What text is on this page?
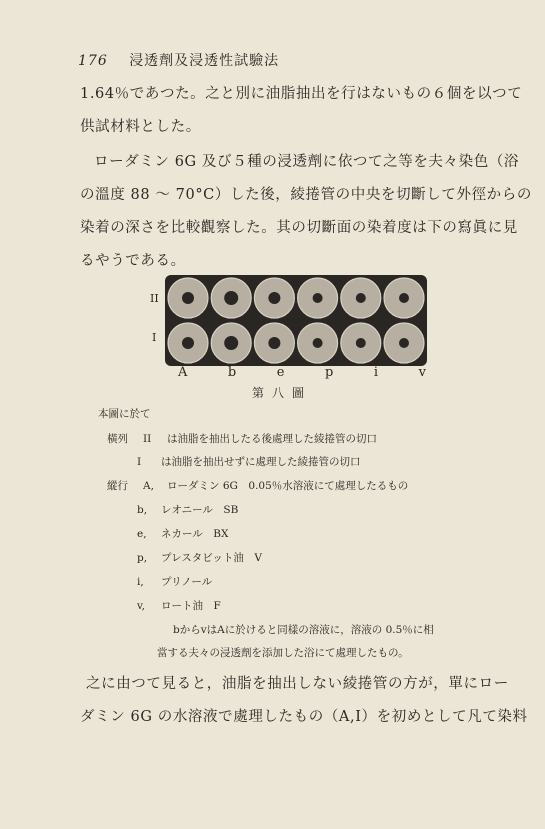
176 浸透劑及浸透性試驗法
1.64％であつた。之と別に油脂抽出を行はないもの６個を以つて
供試材料とした。
ローダミン 6G 及び５種の浸透劑に依つて之等を夫々染色（浴
の溫度 88 ～ 70°C）した後，綾捲管の中央を切斷して外徑からの
染着の深さを比較觀察した。其の切斷面の染着度は下の寫眞に見
るやうである。
II
I
A	b	e	p	i	v
第八圖
本圖に於て
橫列 II は油脂を抽出したる後處理した綾捲管の切口
I は油脂を抽出せずに處理した綾捲管の切口
縱行 A, ローダミン 6G　0.05％水溶液にて處理したるもの
b, レオニール　SB
e, ネカール　BX
p, プレスタビット油　V
i, プリノール
v, ロート油　F
bからvはAに於けると同樣の溶液に，溶液の 0.5％に相
當する夫々の浸透劑を添加した浴にて處理したもの。
之に由つて見ると，油脂を抽出しない綾捲管の方が，單にロー
ダミン 6G の水溶液で處理したもの（A,I）を初めとして凡て染料
